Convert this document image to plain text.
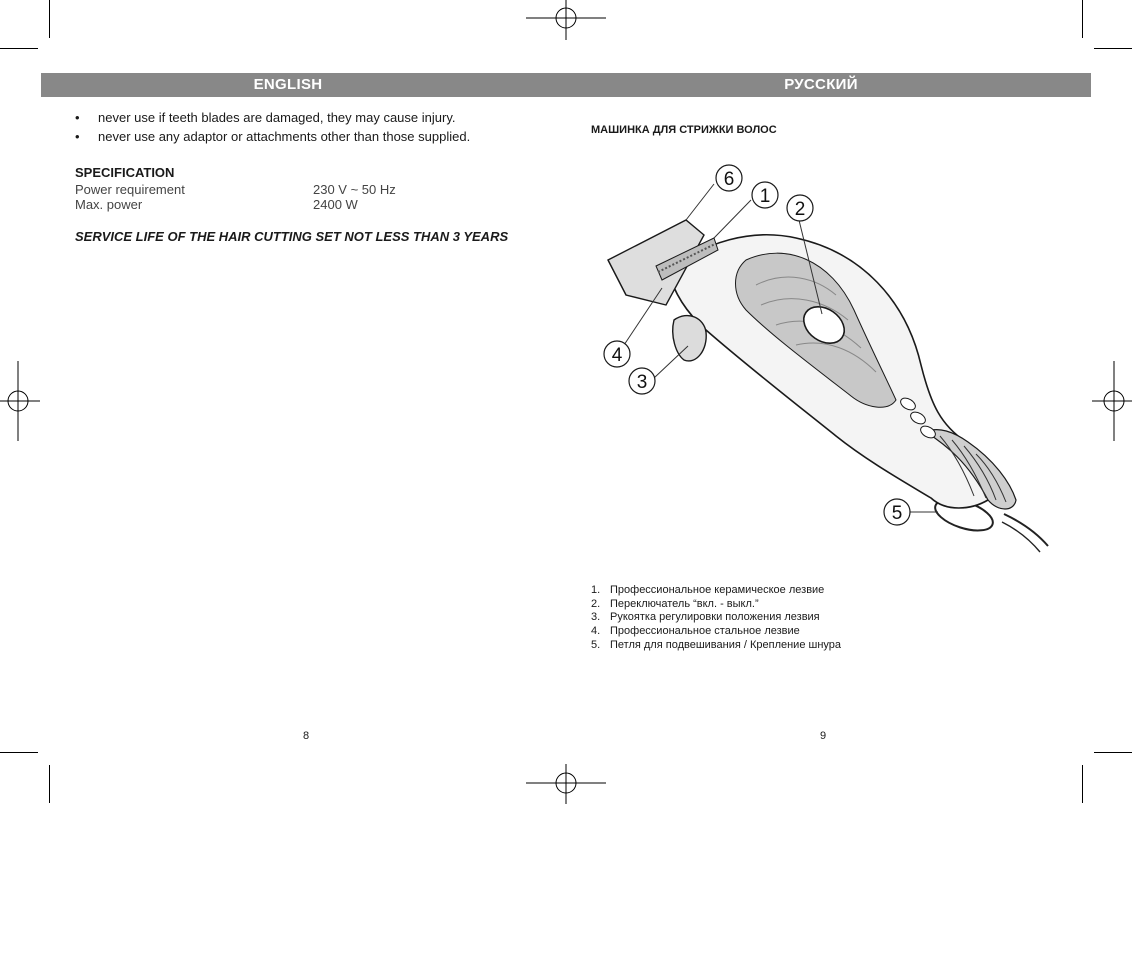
ENGLISH	РУССКИЙ
• never use if teeth blades are damaged, they may cause injury.
• never use any adaptor or attachments other than those supplied.
SPECIFICATION
Power requirement	230 V ~ 50 Hz
Max. power	2400 W
SERVICE LIFE OF THE HAIR CUTTING SET NOT LESS THAN 3 YEARS
8
МАШИНКА ДЛЯ СТРИЖКИ ВОЛОС
6
1
2
4
3
5
1. Профессиональное керамическое лезвие
2. Переключатель “вкл. - выкл.”
3. Рукоятка регулировки положения лезвия
4. Профессиональное стальное лезвие
5. Петля для подвешивания / Крепление шнура
9
